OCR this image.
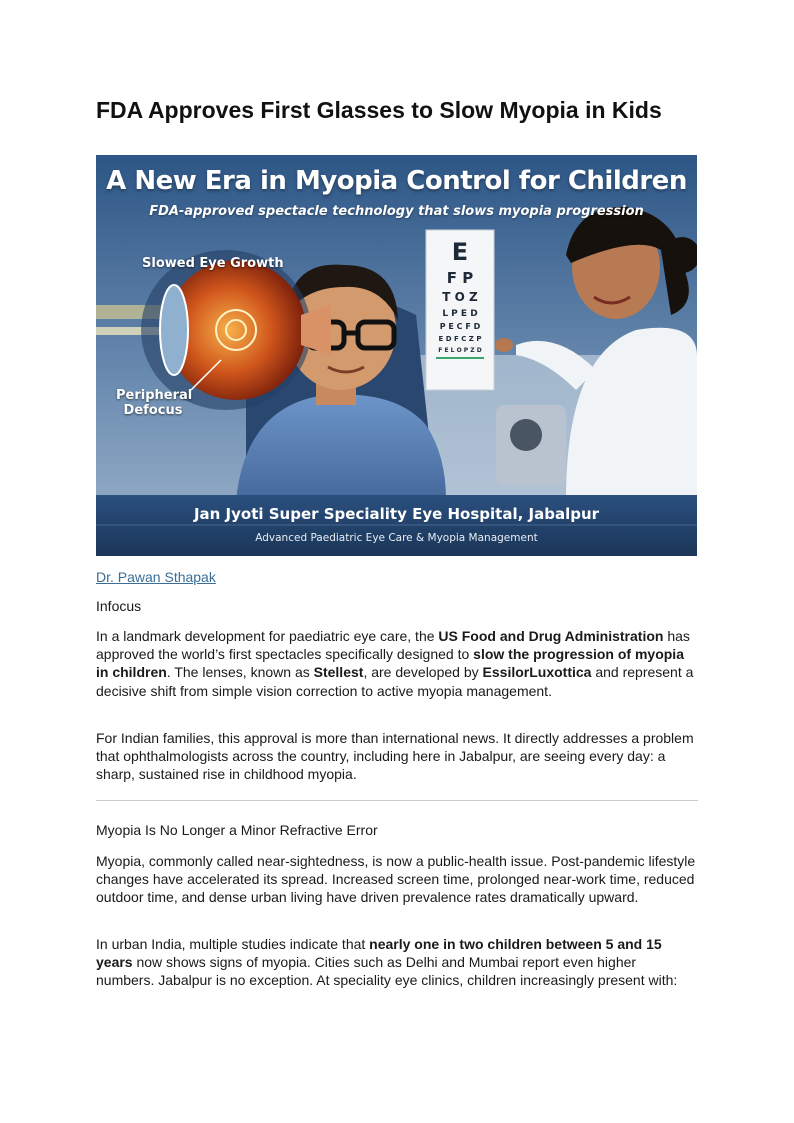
FDA Approves First Glasses to Slow Myopia in Kids
E
F P
T O Z
L P E D
P E C F D
E D F C Z P
F E L O P Z D
A New Era in Myopia Control for Children
FDA-approved spectacle technology that slows myopia progression
Slowed Eye Growth
Peripheral
Defocus
Jan Jyoti Super Speciality Eye Hospital, Jabalpur
Advanced Paediatric Eye Care & Myopia Management
Dr. Pawan Sthapak
Infocus

In a landmark development for paediatric eye care, the US Food and Drug Administration has approved the world’s first spectacles specifically designed to slow the progression of myopia in children. The lenses, known as Stellest, are developed by EssilorLuxottica and represent a decisive shift from simple vision correction to active myopia management.

For Indian families, this approval is more than international news. It directly addresses a problem that ophthalmologists across the country, including here in Jabalpur, are seeing every day: a sharp, sustained rise in childhood myopia.

Myopia Is No Longer a Minor Refractive Error

Myopia, commonly called near-sightedness, is now a public-health issue. Post-pandemic lifestyle changes have accelerated its spread. Increased screen time, prolonged near-work time, reduced outdoor time, and dense urban living have driven prevalence rates dramatically upward.

In urban India, multiple studies indicate that nearly one in two children between 5 and 15 years now shows signs of myopia. Cities such as Delhi and Mumbai report even higher numbers. Jabalpur is no exception. At speciality eye clinics, children increasingly present with:
